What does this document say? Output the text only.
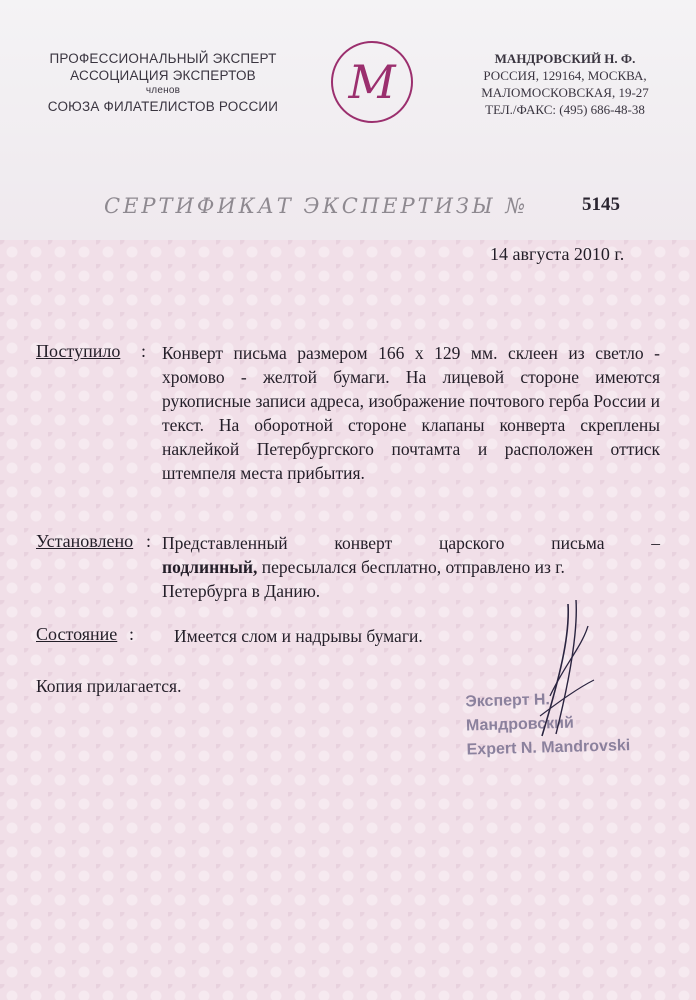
ПРОФЕССИОНАЛЬНЫЙ ЭКСПЕРТ
АССОЦИАЦИЯ ЭКСПЕРТОВ
членов
СОЮЗА ФИЛАТЕЛИСТОВ РОССИИ	M	МАНДРОВСКИЙ Н. Ф.
РОССИЯ, 129164, МОСКВА,
МАЛОМОСКОВСКАЯ, 19-27
ТЕЛ./ФАКС: (495) 686-48-38
СЕРТИФИКАТ ЭКСПЕРТИЗЫ №	5145
14 августа 2010 г.
Поступило : Конверт письма размером 166 х 129 мм. склеен из светло - хромово - желтой бумаги. На лицевой стороне имеются рукописные записи адреса, изображение почтового герба России и текст. На оборотной стороне клапаны конверта скреплены наклейкой Петербургского почтамта и расположен оттиск штемпеля места прибытия.
Установлено : Представленный конверт царского письма –
подлинный, пересылался бесплатно, отправлено из г.
Петербурга в Данию.
Состояние : Имеется слом и надрывы бумаги.
Копия прилагается.
Эксперт Н. Мандровский
Expert N. Mandrovski
